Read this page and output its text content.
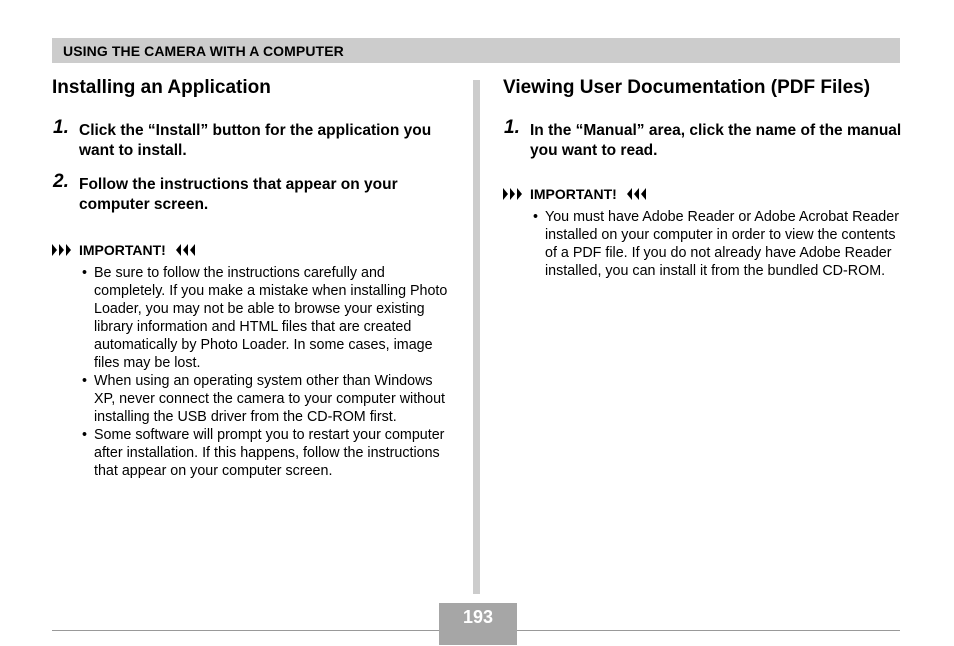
USING THE CAMERA WITH A COMPUTER
Installing an Application
1. Click the “Install” button for the application you want to install.
2. Follow the instructions that appear on your computer screen.
IMPORTANT!
• Be sure to follow the instructions carefully and completely. If you make a mistake when installing Photo Loader, you may not be able to browse your existing library information and HTML files that are created automatically by Photo Loader. In some cases, image files may be lost.
• When using an operating system other than Windows XP, never connect the camera to your computer without installing the USB driver from the CD-ROM first.
• Some software will prompt you to restart your computer after installation. If this happens, follow the instructions that appear on your computer screen.
Viewing User Documentation (PDF Files)
1. In the “Manual” area, click the name of the manual you want to read.
IMPORTANT!
• You must have Adobe Reader or Adobe Acrobat Reader installed on your computer in order to view the contents of a PDF file. If you do not already have Adobe Reader installed, you can install it from the bundled CD-ROM.
193
